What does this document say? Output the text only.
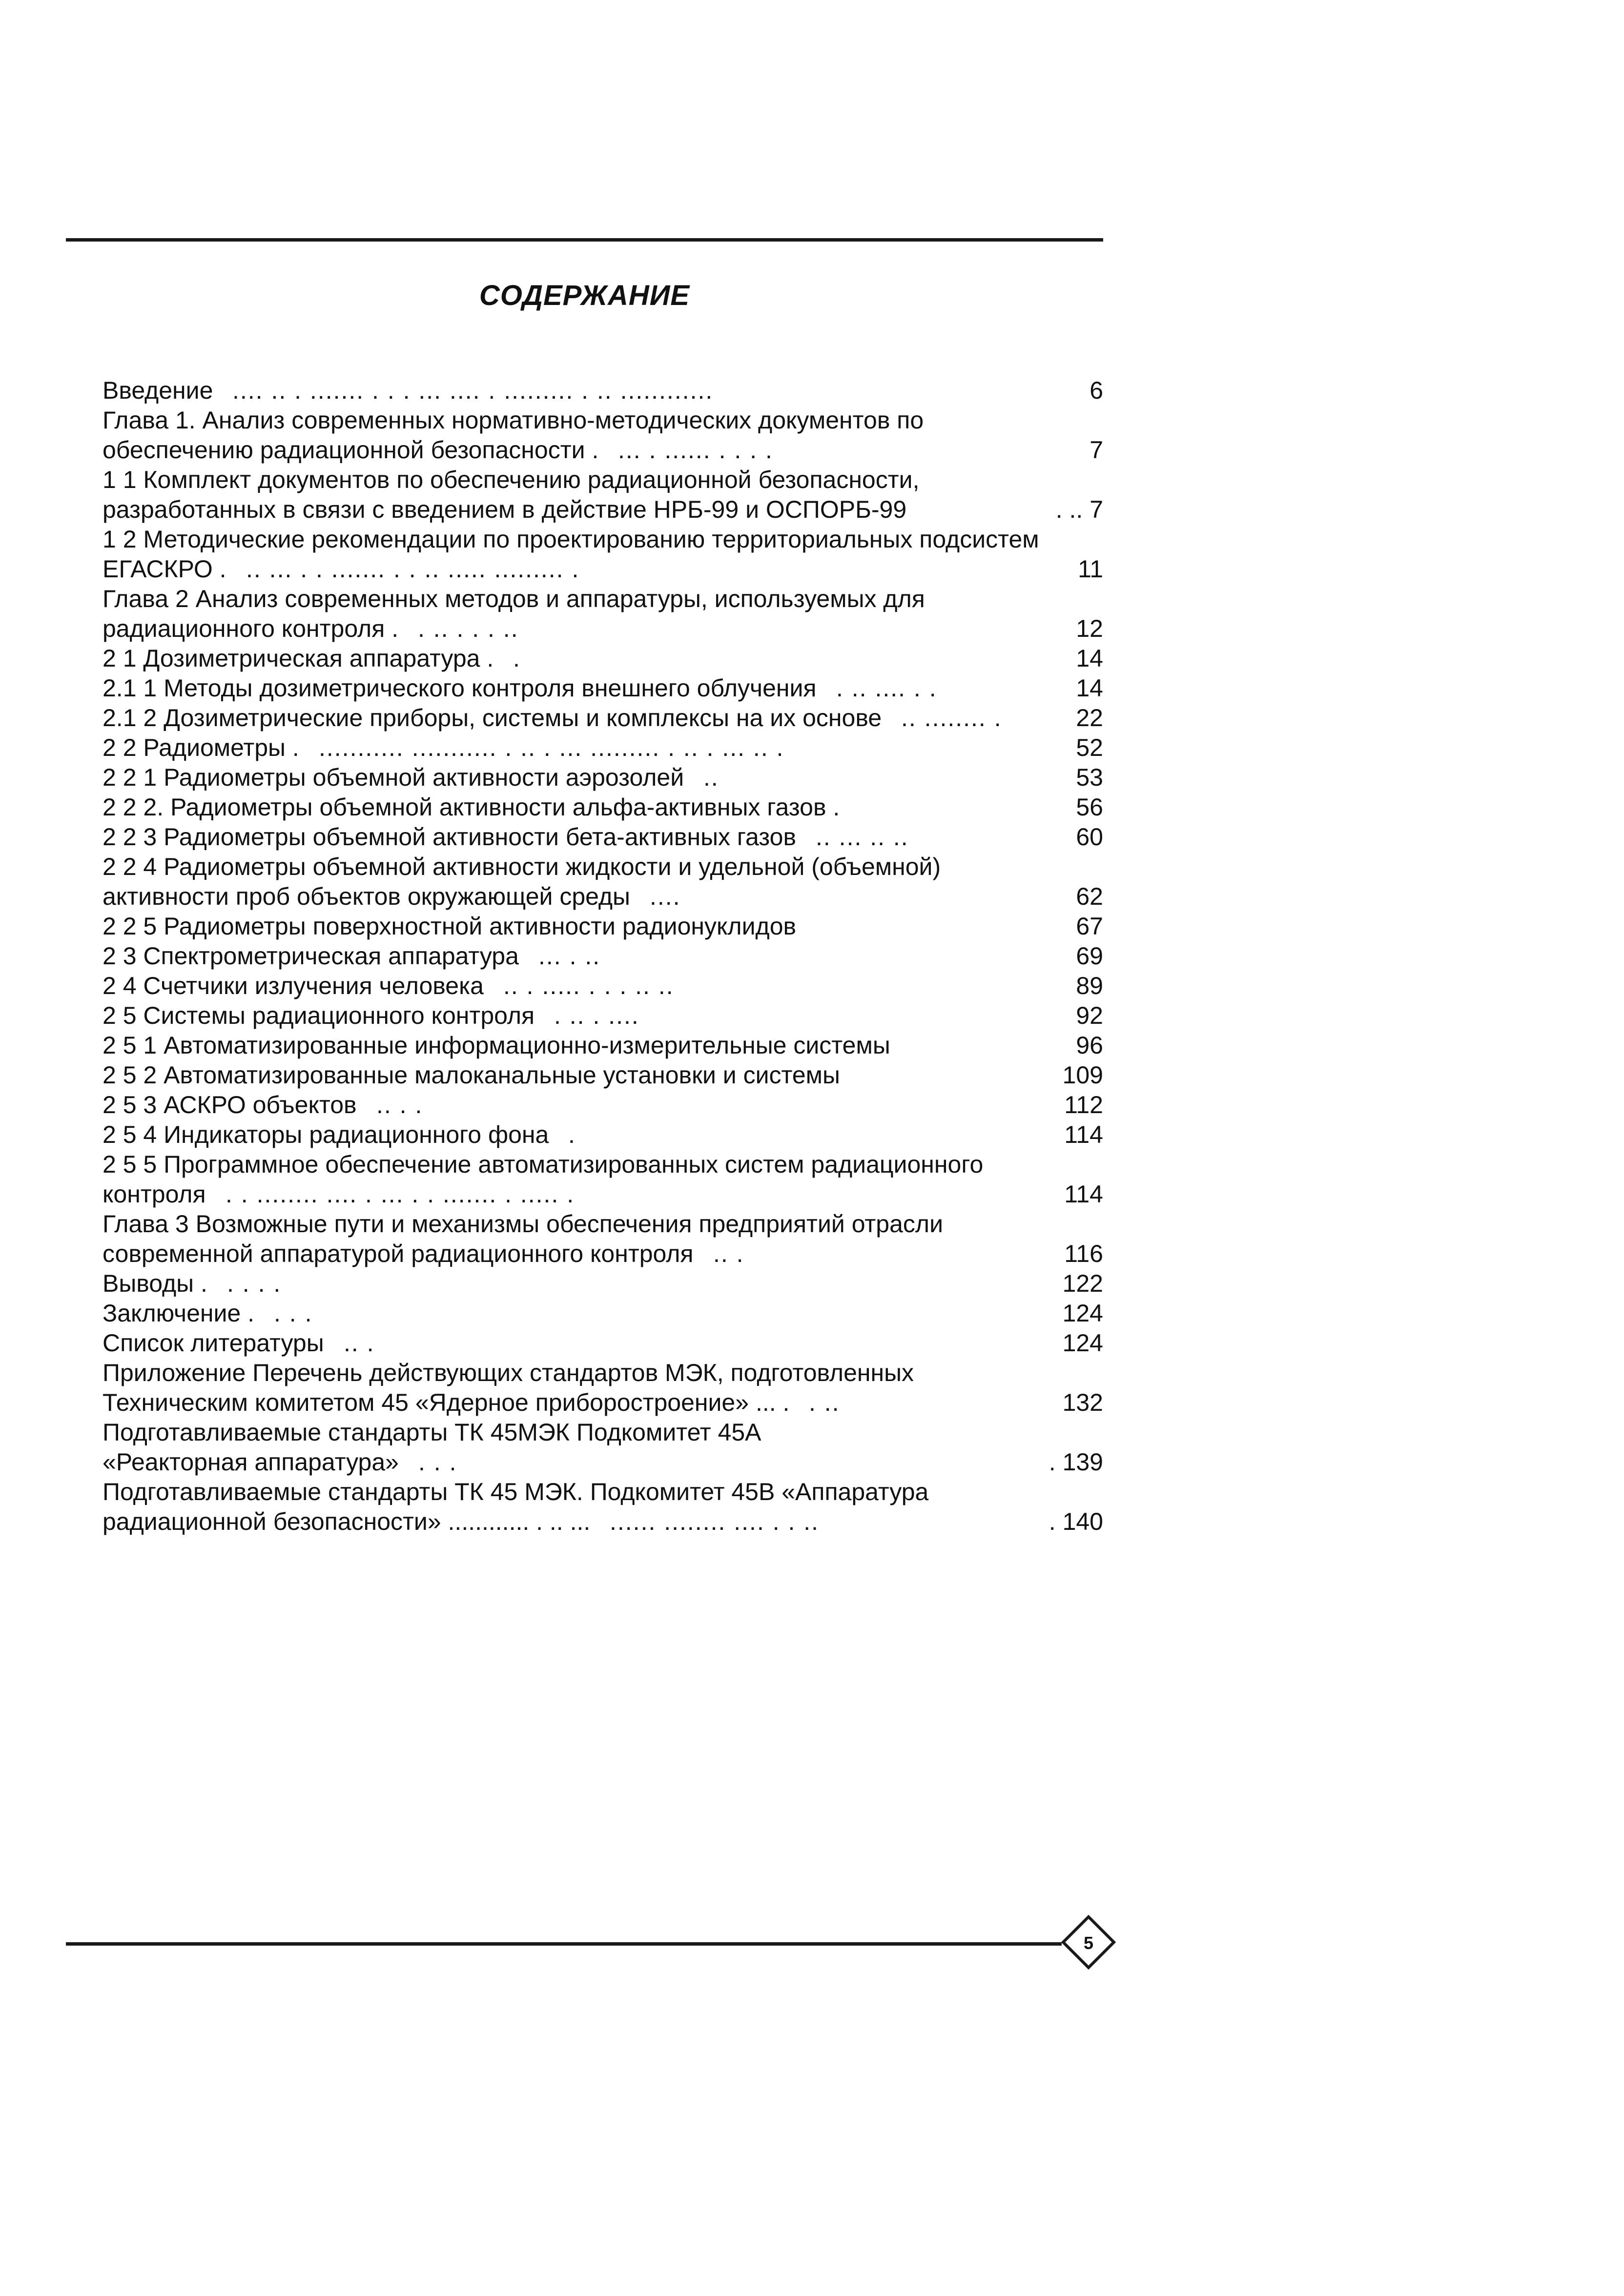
СОДЕРЖАНИЕ
Введение .... .. . ....... . . . ... .... . ......... . .. ............	6
Глава 1. Анализ современных нормативно-методических документов по
обеспечению радиационной безопасности . ... . ...... . . . .	7
1 1 Комплект документов по обеспечению радиационной безопасности,
разработанных в связи с введением в действие НРБ-99 и ОСПОРБ-99	. .. 7
1 2 Методические рекомендации по проектированию территориальных подсистем
ЕГАСКРО . .. ... . . ....... . . .. ..... ......... .	11
Глава 2 Анализ современных методов и аппаратуры, используемых для
радиационного контроля . . .. . . . ..	12
2 1 Дозиметрическая аппаратура . .	14
2.1 1 Методы дозиметрического контроля внешнего облучения . .. .... . .	14
2.1 2 Дозиметрические приборы, системы и комплексы на их основе .. ........ .	22
2 2 Радиометры . ........... ........... . .. . ... ......... . .. . ... .. .	52
2 2 1 Радиометры объемной активности аэрозолей ..	53
2 2 2. Радиометры объемной активности альфа-активных газов .	56
2 2 3 Радиометры объемной активности бета-активных газов .. ... .. ..	60
2 2 4 Радиометры объемной активности жидкости и удельной (объемной)
активности проб объектов окружающей среды ....	62
2 2 5 Радиометры поверхностной активности радионуклидов	67
2 3 Спектрометрическая аппаратура ... . ..	69
2 4 Счетчики излучения человека .. . ..... . . . .. ..	89
2 5 Системы радиационного контроля . .. . ....	92
2 5 1 Автоматизированные информационно-измерительные системы	96
2 5 2 Автоматизированные малоканальные установки и системы	109
2 5 3 АСКРО объектов .. . .	112
2 5 4 Индикаторы радиационного фона .	114
2 5 5 Программное обеспечение автоматизированных систем радиационного
контроля . . ........ .... . ... . . ....... . ..... .	114
Глава 3 Возможные пути и механизмы обеспечения предприятий отрасли
современной аппаратурой радиационного контроля .. .	116
Выводы . . . . .	122
Заключение . . . .	124
Список литературы .. .	124
Приложение Перечень действующих стандартов МЭК, подготовленных
Техническим комитетом 45 «Ядерное приборостроение» ... . . ..	132
Подготавливаемые стандарты ТК 45МЭК Подкомитет 45А
«Реакторная аппаратура» . . .	. 139
Подготавливаемые стандарты ТК 45 МЭК. Подкомитет 45В «Аппаратура
радиационной безопасности» ............ . .. ... ...... ........ .... . . ..	. 140
5
